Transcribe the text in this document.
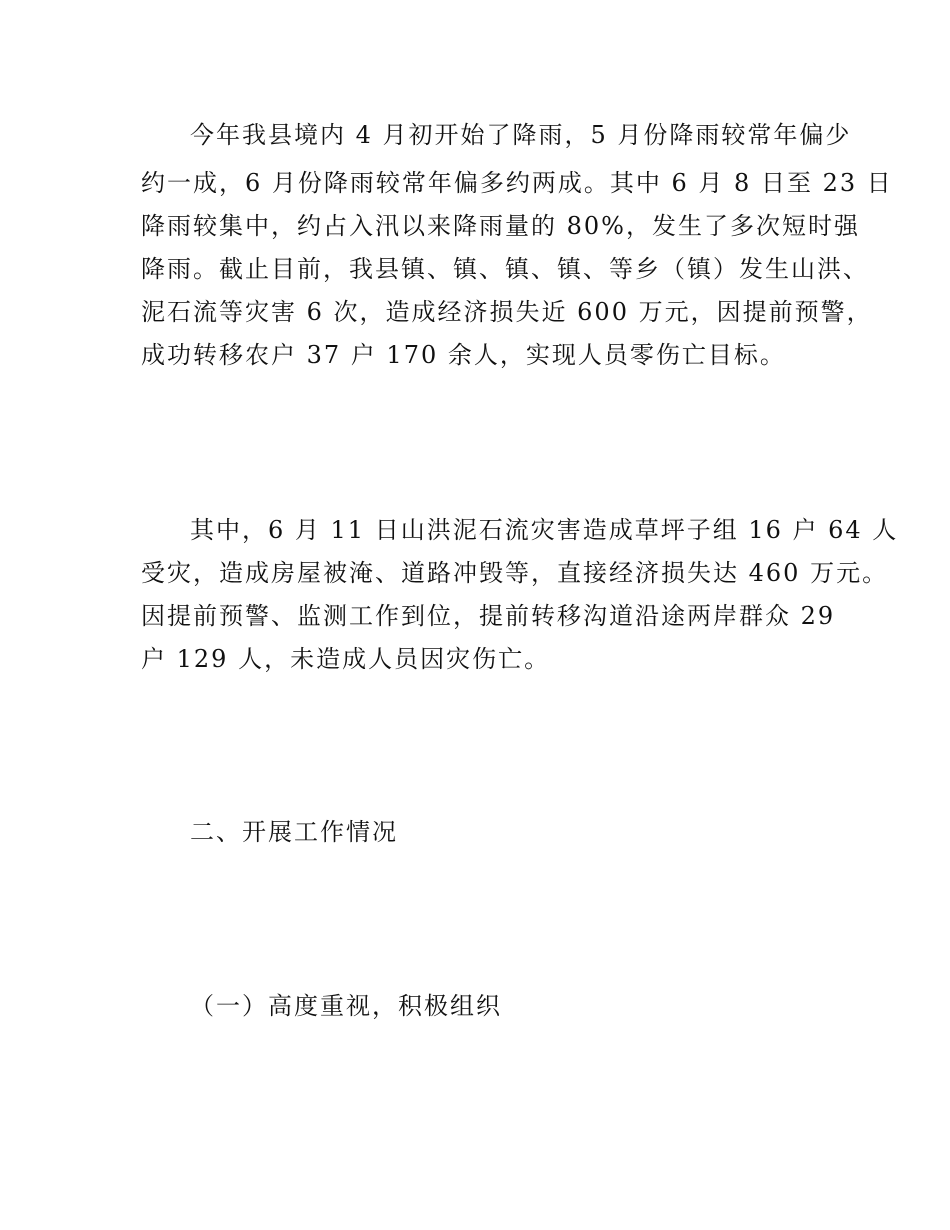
今年我县境内 4 月初开始了降雨，5 月份降雨较常年偏少
约一成，6 月份降雨较常年偏多约两成。其中 6 月 8 日至 23 日
降雨较集中，约占入汛以来降雨量的 80%，发生了多次短时强
降雨。截止目前，我县镇、镇、镇、镇、等乡（镇）发生山洪、
泥石流等灾害 6 次，造成经济损失近 600 万元，因提前预警，
成功转移农户 37 户 170 余人，实现人员零伤亡目标。
其中，6 月 11 日山洪泥石流灾害造成草坪子组 16 户 64 人
受灾，造成房屋被淹、道路冲毁等，直接经济损失达 460 万元。
因提前预警、监测工作到位，提前转移沟道沿途两岸群众 29
户 129 人，未造成人员因灾伤亡。
二、开展工作情况
（一）高度重视，积极组织
